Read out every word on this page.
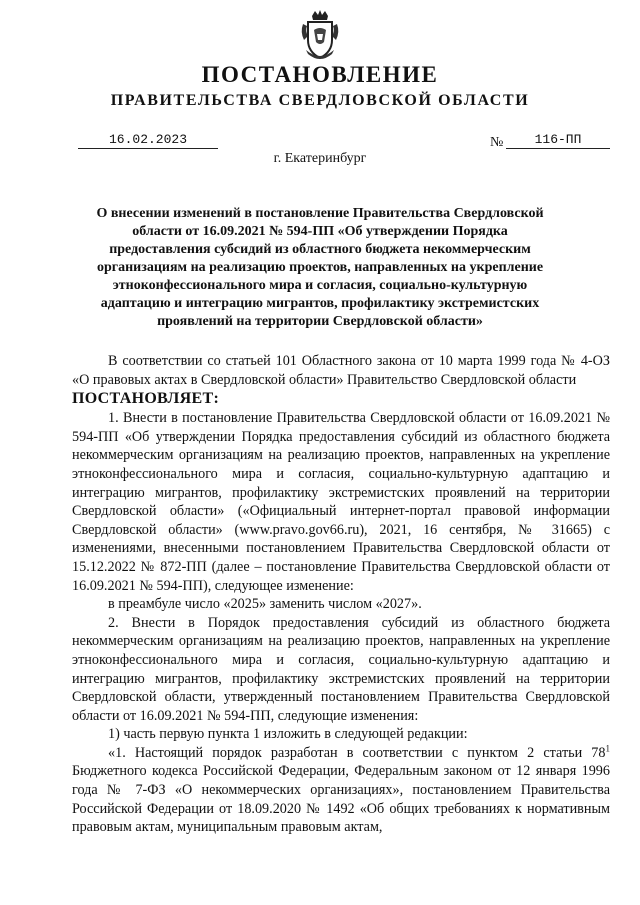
ПОСТАНОВЛЕНИЕ
ПРАВИТЕЛЬСТВА СВЕРДЛОВСКОЙ ОБЛАСТИ
16.02.2023	№	116-ПП
г. Екатеринбург

О внесении изменений в постановление Правительства Свердловской области от 16.09.2021 № 594-ПП «Об утверждении Порядка предоставления субсидий из областного бюджета некоммерческим организациям на реализацию проектов, направленных на укрепление этноконфессионального мира и согласия, социально-культурную адаптацию и интеграцию мигрантов, профилактику экстремистских проявлений на территории Свердловской области»

В соответствии со статьей 101 Областного закона от 10 марта 1999 года № 4-ОЗ «О правовых актах в Свердловской области» Правительство Свердловской области

ПОСТАНОВЛЯЕТ:

1. Внести в постановление Правительства Свердловской области от 16.09.2021 № 594-ПП «Об утверждении Порядка предоставления субсидий из областного бюджета некоммерческим организациям на реализацию проектов, направленных на укрепление этноконфессионального мира и согласия, социально-культурную адаптацию и интеграцию мигрантов, профилактику экстремистских проявлений на территории Свердловской области» («Официальный интернет-портал правовой информации Свердловской области» (www.pravo.gov66.ru), 2021, 16 сентября, № 31665) с изменениями, внесенными постановлением Правительства Свердловской области от 15.12.2022 № 872-ПП (далее – постановление Правительства Свердловской области от 16.09.2021 № 594-ПП), следующее изменение:

в преамбуле число «2025» заменить числом «2027».

2. Внести в Порядок предоставления субсидий из областного бюджета некоммерческим организациям на реализацию проектов, направленных на укрепление этноконфессионального мира и согласия, социально-культурную адаптацию и интеграцию мигрантов, профилактику экстремистских проявлений на территории Свердловской области, утвержденный постановлением Правительства Свердловской области от 16.09.2021 № 594-ПП, следующие изменения:

1) часть первую пункта 1 изложить в следующей редакции:

«1. Настоящий порядок разработан в соответствии с пунктом 2 статьи $78^1$ Бюджетного кодекса Российской Федерации, Федеральным законом от 12 января 1996 года № 7-ФЗ «О некоммерческих организациях», постановлением Правительства Российской Федерации от 18.09.2020 № 1492 «Об общих требованиях к нормативным правовым актам, муниципальным правовым актам,
